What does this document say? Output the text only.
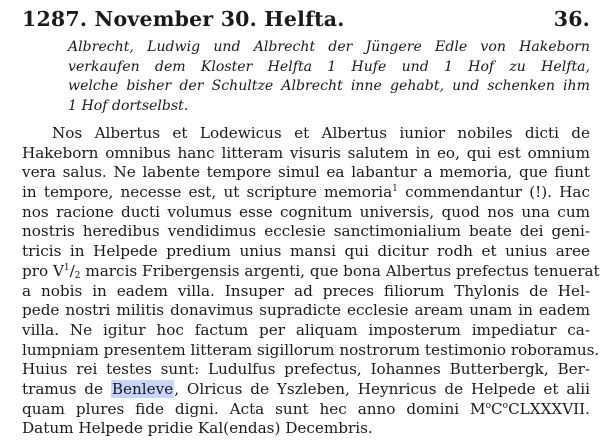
1287. November 30. Helfta.	36.
Albrecht, Ludwig und Albrecht der Jüngere Edle von Hakeborn
verkaufen dem Kloster Helfta 1 Hufe und 1 Hof zu Helfta,
welche bisher der Schultze Albrecht inne gehabt, und schenken ihm
1 Hof dortselbst.
Nos Albertus et Lodewicus et Albertus iunior nobiles dicti de
Hakeborn omnibus hanc litteram visuris salutem in eo, qui est omnium
vera salus. Ne labente tempore simul ea labantur a memoria, que fiunt
in tempore, necesse est, ut scripture memoria$^1$ commendantur (!). Hac
nos racione ducti volumus esse cognitum universis, quod nos una cum
nostris heredibus vendidimus ecclesie sanctimonialium beate dei geni-
tricis in Helpede predium unius mansi qui dicitur rodh et unius aree
pro $V^1/_2$ marcis Fribergensis argenti, que bona Albertus prefectus tenuerat
a nobis in eadem villa. Insuper ad preces filiorum Thylonis de Hel-
pede nostri militis donavimus supradicte ecclesie aream unam in eadem
villa. Ne igitur hoc factum per aliquam imposterum impediatur ca-
lumpniam presentem litteram sigillorum nostrorum testimonio roboramus.
Huius rei testes sunt: Ludulfus prefectus, Iohannes Butterbergk, Ber-
tramus de Benleve, Olricus de Yszleben, Heynricus de Helpede et alii
quam plures fide digni. Acta sunt hec anno domini $M^oC^oCLXXXVII$.
Datum Helpede pridie Kal(endas) Decembris.
